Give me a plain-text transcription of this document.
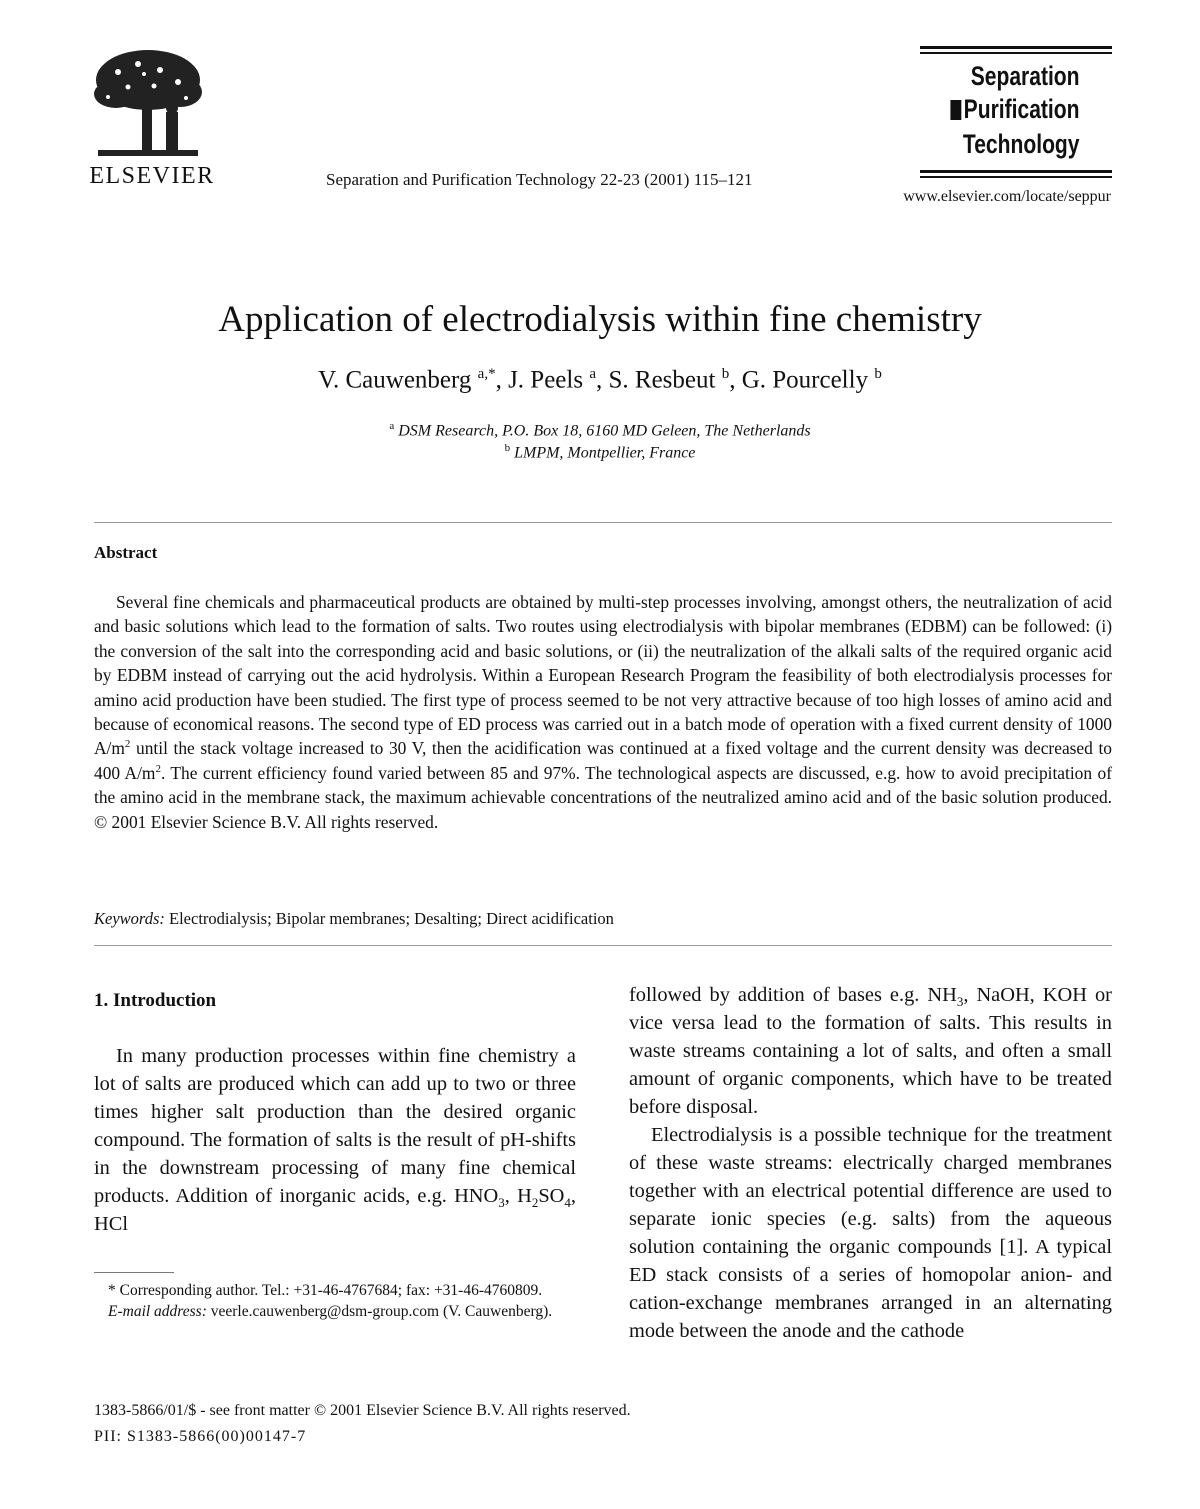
ELSEVIER	Separation and Purification Technology 22-23 (2001) 115–121
Separation
Purification
Technology
www.elsevier.com/locate/seppur
Application of electrodialysis within fine chemistry
V. Cauwenberg $^{a,*}$, J. Peels $^a$, S. Resbeut $^b$, G. Pourcelly $^b$
$^a$ DSM Research, P.O. Box 18, 6160 MD Geleen, The Netherlands
$^b$ LMPM, Montpellier, France
Abstract
Several fine chemicals and pharmaceutical products are obtained by multi-step processes involving, amongst others, the neutralization of acid and basic solutions which lead to the formation of salts. Two routes using electrodialysis with bipolar membranes (EDBM) can be followed: (i) the conversion of the salt into the corresponding acid and basic solutions, or (ii) the neutralization of the alkali salts of the required organic acid by EDBM instead of carrying out the acid hydrolysis. Within a European Research Program the feasibility of both electrodialysis processes for amino acid production have been studied. The first type of process seemed to be not very attractive because of too high losses of amino acid and because of economical reasons. The second type of ED process was carried out in a batch mode of operation with a fixed current density of 1000 $A/m^2$ until the stack voltage increased to 30 V, then the acidification was continued at a fixed voltage and the current density was decreased to 400 $A/m^2$. The current efficiency found varied between 85 and 97%. The technological aspects are discussed, e.g. how to avoid precipitation of the amino acid in the membrane stack, the maximum achievable concentrations of the neutralized amino acid and of the basic solution produced. © 2001 Elsevier Science B.V. All rights reserved.
Keywords: Electrodialysis; Bipolar membranes; Desalting; Direct acidification
1. Introduction
In many production processes within fine chemistry a lot of salts are produced which can add up to two or three times higher salt production than the desired organic compound. The formation of salts is the result of pH-shifts in the downstream processing of many fine chemical products. Addition of inorganic acids, e.g. $HNO_3$, $H_2SO_4$, HCl

followed by addition of bases e.g. $NH_3$, NaOH, KOH or vice versa lead to the formation of salts. This results in waste streams containing a lot of salts, and often a small amount of organic components, which have to be treated before disposal.

Electrodialysis is a possible technique for the treatment of these waste streams: electrically charged membranes together with an electrical potential difference are used to separate ionic species (e.g. salts) from the aqueous solution containing the organic compounds [1]. A typical ED stack consists of a series of homopolar anion- and cation-exchange membranes arranged in an alternating mode between the anode and the cathode

* Corresponding author. Tel.: +31-46-4767684; fax: +31-46-4760809.

E-mail address: veerle.cauwenberg@dsm-group.com (V. Cauwenberg).

1383-5866/01/$ - see front matter © 2001 Elsevier Science B.V. All rights reserved.
PII: S1383-5866(00)00147-7
